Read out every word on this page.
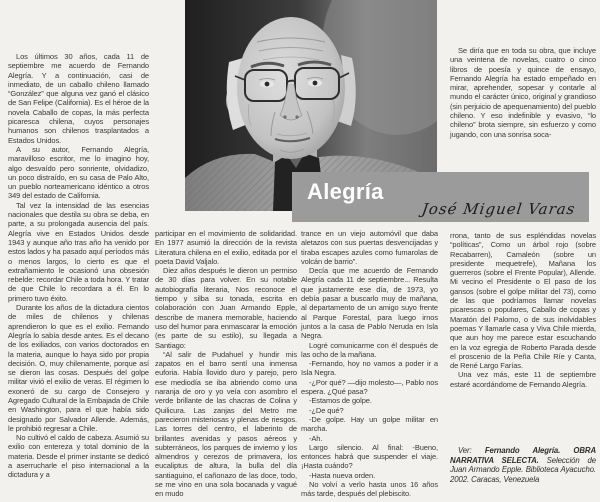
Alegría
José Miguel Varas

Los últimos 30 años, cada 11 de septiembre me acuerdo de Fernando Alegría. Y a continuación, casi de inmediato, de un caballo chileno llamado “González” que alguna vez ganó el clásico de San Felipe (California). Es el héroe de la novela Caballo de copas, la más perfecta picaresca chilena, cuyos personajes humanos son chilenos trasplantados a Estados Unidos.

A su autor, Fernando Alegría, maravilloso escritor, me lo imagino hoy, algo desvaído pero sonriente, olvidadizo, un poco distraído, en su casa de Palo Alto, un pueblo norteamericano idéntico a otros 349 del estado de California.

Tal vez la intensidad de las esencias nacionales que destila su obra se deba, en parte, a su prolongada ausencia del país. Alegría vive en Estados Unidos desde 1943 y aunque año tras año ha venido por estos lados y ha pasado aquí períodos más o menos largos, lo cierto es que el extrañamiento le ocasionó una obsesión rebelde: recordar Chile a toda hora. Y tratar de que Chile lo recordara a él. En lo primero tuvo éxito.

Durante los años de la dictadura cientos de miles de chilenos y chilenas aprendieron lo que es el exilio. Fernando Alegría lo sabía desde antes. Es el decano de los exiliados, con varios doctorados en la materia, aunque lo haya sido por propia decisión. O, muy chilenamente, porque así se dieron las cosas. Después del golpe militar vivió el exilio de veras. El régimen lo exoneró de su cargo de Consejero y Agregado Cultural de la Embajada de Chile en Washington, para el que había sido designado por Salvador Allende. Además, le prohibió regresar a Chile.

No cultivó el caldo de cabeza. Asumió su exilio con entereza y total dominio de la materia. Desde el primer instante se dedicó a aserrucharle el piso internacional a la dictadura y a

participar en el movimiento de solidaridad. En 1977 asumió la dirección de la revista Literatura chilena en el exilio, editada por el poeta David Valjalo.

Diez años después le dieron un permiso de 30 días para volver. En su notable autobiografía literaria, Nos reconoce el tiempo y silba su tonada, escrita en colaboración con Juan Armando Epple, describe de manera memorable, haciendo uso del humor para enmascarar la emoción (es parte de su estilo), su llegada a Santiago:

“Al salir de Pudahuel y hundir mis zapatos en el barro sentí una inmensa euforia. Había llovido duro y parejo, pero ese mediodía se iba abriendo como una naranja de oro y yo veía con asombro el verde brillante de las chacras de Colina y Quilicura. Las zanjas del Metro me parecieron misteriosas y plenas de riesgos. Las torres del centro, el laberinto de brillantes avenidas y pasos aéreos y subterráneos, los parques de invierno y los almendros y cerezos de primavera, los eucaliptus de altura, la bulla del día santiaguino, el cañonazo de las doce, todo, se me vino en una sola bocanada y vagué en mudo

trance en un viejo automóvil que daba aletazos con sus puertas desvencijadas y tiraba escapes azules como fumarolas de volcán de barrio”.

Decía que me acuerdo de Fernando Alegría cada 11 de septiembre... Resulta que justamente ese día, de 1973, yo debía pasar a buscarlo muy de mañana, al departamento de un amigo suyo frente al Parque Forestal, para luego irnos juntos a la casa de Pablo Neruda en Isla Negra.

Logré comunicarme con él después de las ocho de la mañana.

-Fernando, hoy no vamos a poder ir a Isla Negra.

-¿Por qué? —dijo molesto—, Pablo nos espera. ¿Qué pasa?

-Estamos de golpe.

-¿De qué?

-De golpe. Hay un golpe militar en marcha.

-Ah.

Largo silencio. Al final: -Bueno, entonces habrá que suspender el viaje. ¡Hasta cuándo?

-Hasta nueva orden.

No volví a verlo hasta unos 16 años más tarde, después del plebiscito.

Se diría que en toda su obra, que incluye una veintena de novelas, cuatro o cinco libros de poesía y quince de ensayo, Fernando Alegría ha estado empeñado en mirar, aprehender, sopesar y contarle al mundo el carácter único, original y grandioso (sin perjuicio de apequenamiento) del pueblo chileno. Y eso indefinible y evasivo, “lo chileno” brota siempre, sin esfuerzo y como jugando, con una sonrisa soca-

rrona, tanto de sus espléndidas novelas “políticas”, Como un árbol rojo (sobre Recabarren), Camaleón (sobre un presidente mequetrefe), Mañana los guerreros (sobre el Frente Popular), Allende. Mi vecino el Presidente o El paso de los gansos (sobre el golpe militar del 73), como de las que podríamos llamar novelas picarescas o populares, Caballo de copas y Maratón del Palomo, o de sus inolvidables poemas Y llamarle casa y Viva Chile mierda, que aun hoy me parece estar escuchando en la voz egregia de Roberto Parada desde el proscenio de la Peña Chile Ríe y Canta, de René Largo Farías.

Una vez más, este 11 de septiembre estaré acordándome de Fernando Alegría.

Ver: Fernando Alegría. OBRA NARRATIVA SELECTA. Selección de Juan Armando Epple. Biblioteca Ayacucho. 2002. Caracas, Venezuela
